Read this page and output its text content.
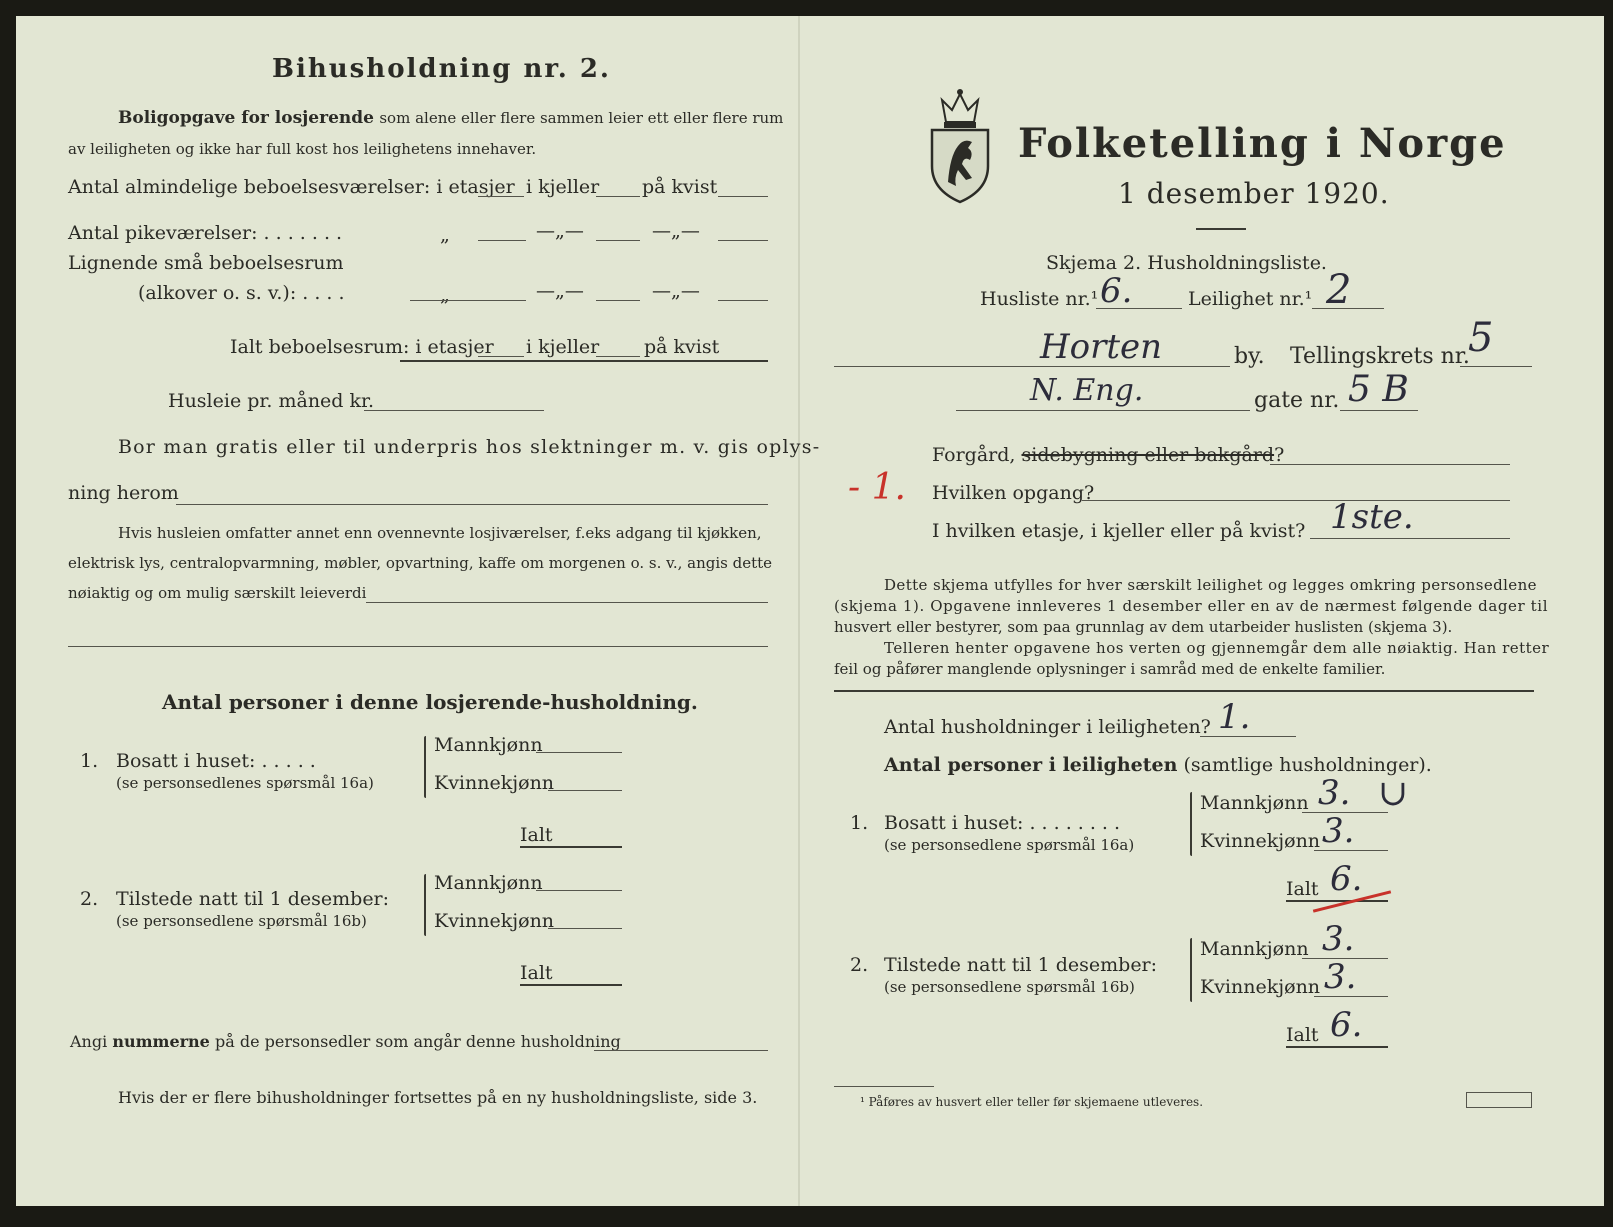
Bihusholdning nr. 2.
Boligopgave for losjerende som alene eller flere sammen leier ett eller flere rum
av leiligheten og ikke har full kost hos leilighetens innehaver.
Antal almindelige beboelsesværelser: i etasjer i kjeller på kvist
Antal pikeværelser: . . . . . . .	„	—„—	—„—
Lignende små beboelsesrum
(alkover o. s. v.): . . . .	„	—„—	—„—
Ialt beboelsesrum: i etasjer i kjeller på kvist
Husleie pr. måned kr.
Bor man gratis eller til underpris hos slektninger m. v. gis oplys-
ning herom
Hvis husleien omfatter annet enn ovennevnte losjiværelser, f.eks adgang til kjøkken,
elektrisk lys, centralopvarmning, møbler, opvartning, kaffe om morgenen o. s. v., angis dette
nøiaktig og om mulig særskilt leieverdi
Antal personer i denne losjerende-husholdning.
1. Bosatt i huset: . . . . .
(se personsedlenes spørsmål 16a)
Mannkjønn
Kvinnekjønn
Ialt
2. Tilstede natt til 1 desember:
(se personsedlene spørsmål 16b)
Mannkjønn
Kvinnekjønn
Ialt
Angi nummerne på de personsedler som angår denne husholdning
Hvis der er flere bihusholdninger fortsettes på en ny husholdningsliste, side 3.
Folketelling i Norge
1 desember 1920.
Skjema 2. Husholdningsliste.
Husliste nr.¹ 6.	Leilighet nr.¹ 2
Horten	by. Tellingskrets nr.
5
N. Eng.	gate nr. 5 B
- 1.
Forgård, sidebygning eller bakgård?
Hvilken opgang?
I hvilken etasje, i kjeller eller på kvist? 1ste.
Dette skjema utfylles for hver særskilt leilighet og legges omkring personsedlene
(skjema 1). Opgavene innleveres 1 desember eller en av de nærmest følgende dager til
husvert eller bestyrer, som paa grunnlag av dem utarbeider huslisten (skjema 3).
Telleren henter opgavene hos verten og gjennemgår dem alle nøiaktig. Han retter
feil og påfører manglende oplysninger i samråd med de enkelte familier.
Antal husholdninger i leiligheten? 1.
Antal personer i leiligheten (samtlige husholdninger).
1. Bosatt i huset: . . . . . . . .
(se personsedlene spørsmål 16a)
Mannkjønn 3. ∪
Kvinnekjønn 3.
Ialt 6.
2. Tilstede natt til 1 desember:
(se personsedlene spørsmål 16b)
Mannkjønn 3.
Kvinnekjønn 3.
Ialt 6.
¹ Påføres av husvert eller teller før skjemaene utleveres.
